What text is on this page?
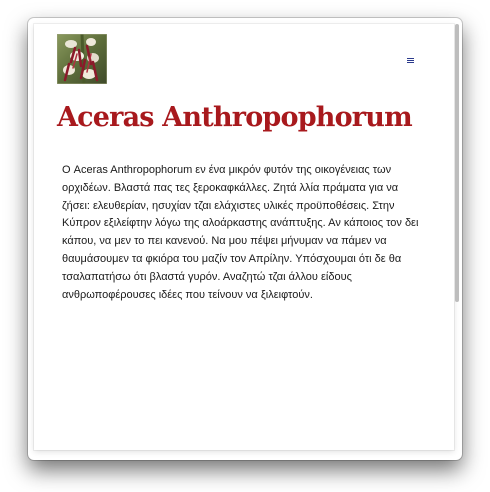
Aceras Anthropophorum

Ο Aceras Anthropophorum εν ένα μικρόν φυτόν της οικογένειας των ορχιδέων. Βλαστά πας τες ξεροκαφκάλλες. Ζητά λλία πράματα για να ζήσει: ελευθερίαν, ησυχίαν τζαι ελάχιστες υλικές προϋποθέσεις. Στην Κύπρον εξιλείφτην λόγω της αλοάρκαστης ανάπτυξης. Αν κάποιος τον δει κάπου, να μεν το πει κανενού. Να μου πέψει μήνυμαν να πάμεν να θαυμάσουμεν τα φκιόρα του μαζίν τον Απρίλην. Υπόσχουμαι ότι δε θα τσαλαπατήσω ότι βλαστά γυρόν. Αναζητώ τζαι άλλου είδους ανθρωποφέρουσες ιδέες που τείνουν να ξιλειφτούν.
